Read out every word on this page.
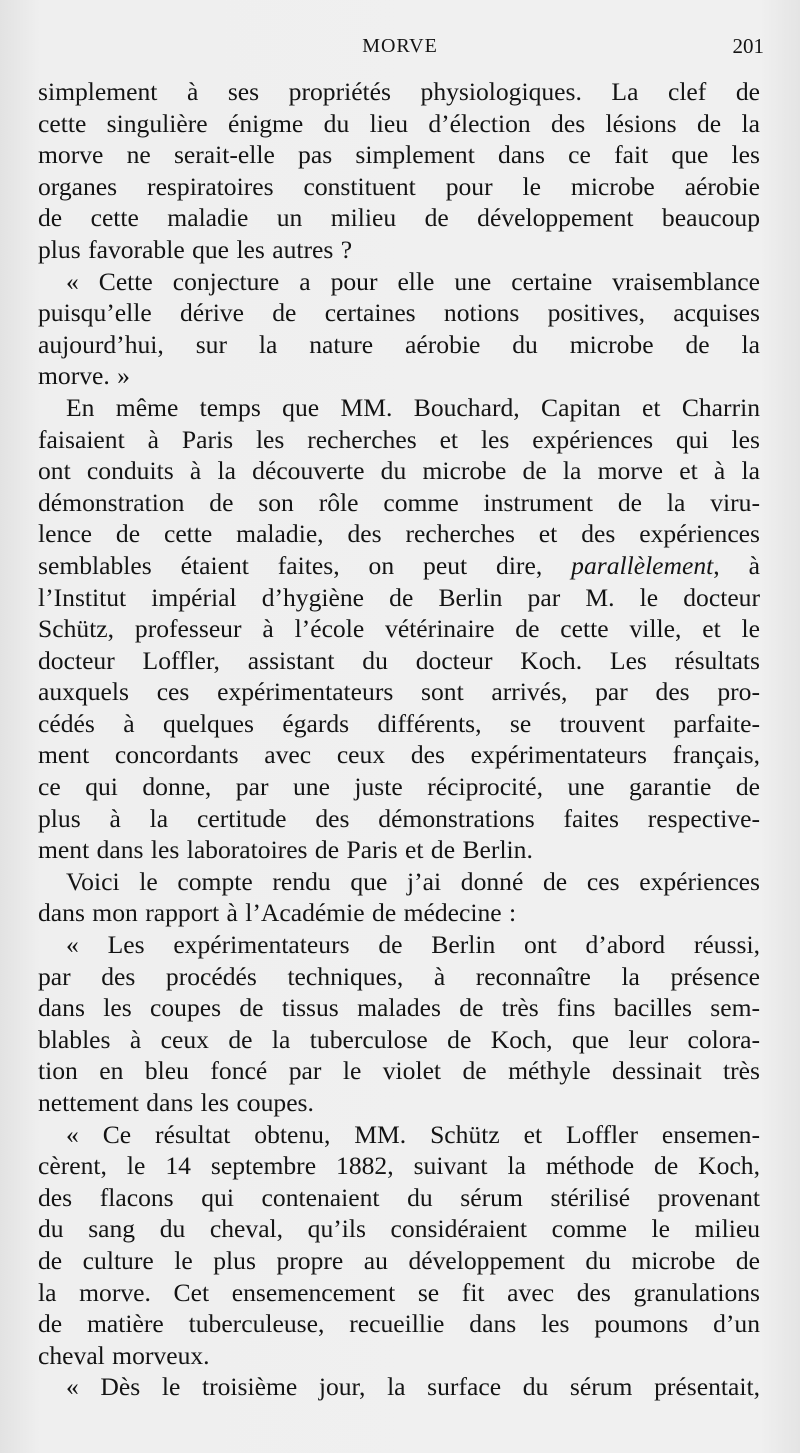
MORVE	201
simplement à ses propriétés physiologiques. La clef de
cette singulière énigme du lieu d’élection des lésions de la
morve ne serait-elle pas simplement dans ce fait que les
organes respiratoires constituent pour le microbe aérobie
de cette maladie un milieu de développement beaucoup
plus favorable que les autres ?
« Cette conjecture a pour elle une certaine vraisemblance
puisqu’elle dérive de certaines notions positives, acquises
aujourd’hui, sur la nature aérobie du microbe de la
morve. »
En même temps que MM. Bouchard, Capitan et Charrin
faisaient à Paris les recherches et les expériences qui les
ont conduits à la découverte du microbe de la morve et à la
démonstration de son rôle comme instrument de la viru-
lence de cette maladie, des recherches et des expériences
semblables étaient faites, on peut dire, parallèlement, à
l’Institut impérial d’hygiène de Berlin par M. le docteur
Schütz, professeur à l’école vétérinaire de cette ville, et le
docteur Loffler, assistant du docteur Koch. Les résultats
auxquels ces expérimentateurs sont arrivés, par des pro-
cédés à quelques égards différents, se trouvent parfaite-
ment concordants avec ceux des expérimentateurs français,
ce qui donne, par une juste réciprocité, une garantie de
plus à la certitude des démonstrations faites respective-
ment dans les laboratoires de Paris et de Berlin.
Voici le compte rendu que j’ai donné de ces expériences
dans mon rapport à l’Académie de médecine :
« Les expérimentateurs de Berlin ont d’abord réussi,
par des procédés techniques, à reconnaître la présence
dans les coupes de tissus malades de très fins bacilles sem-
blables à ceux de la tuberculose de Koch, que leur colora-
tion en bleu foncé par le violet de méthyle dessinait très
nettement dans les coupes.
« Ce résultat obtenu, MM. Schütz et Loffler ensemen-
cèrent, le 14 septembre 1882, suivant la méthode de Koch,
des flacons qui contenaient du sérum stérilisé provenant
du sang du cheval, qu’ils considéraient comme le milieu
de culture le plus propre au développement du microbe de
la morve. Cet ensemencement se fit avec des granulations
de matière tuberculeuse, recueillie dans les poumons d’un
cheval morveux.
« Dès le troisième jour, la surface du sérum présentait,
